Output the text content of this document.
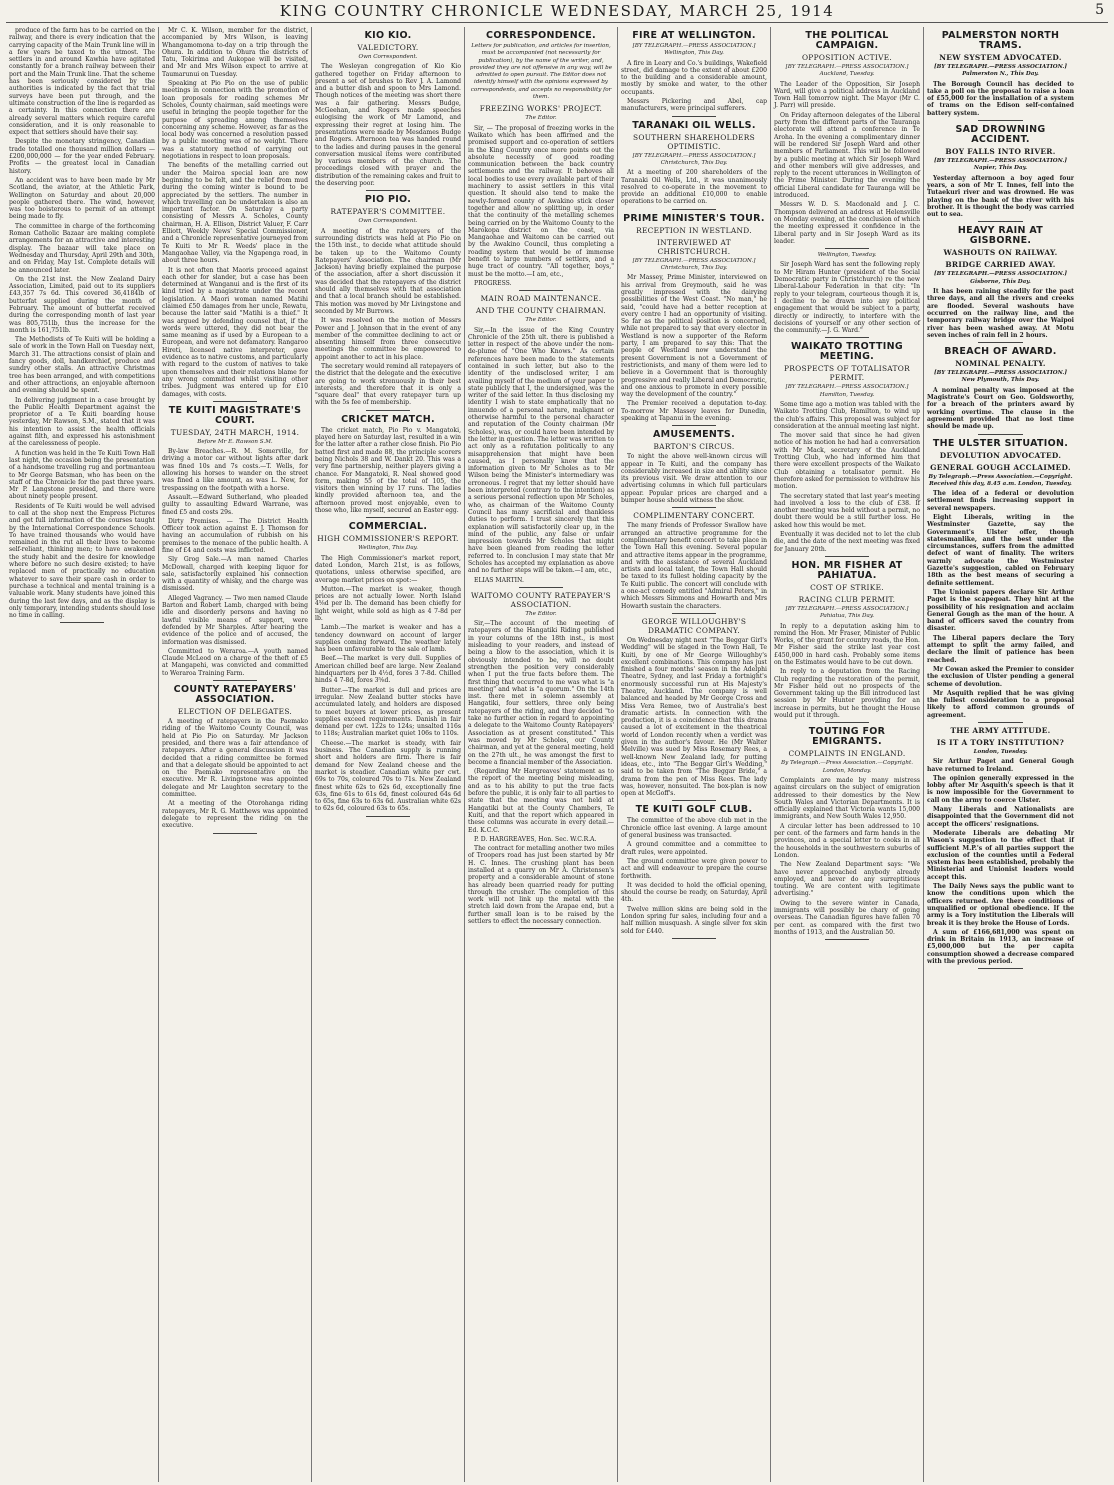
KING COUNTRY CHRONICLE WEDNESDAY, MARCH 25, 1914	5

produce of the farm has to be carried on the railway, and there is every indication that the carrying capacity of the Main Trunk line will in a few years be taxed to the utmost. The settlers in and around Kawhia have agitated constantly for a branch railway between their port and the Main Trunk line. That the scheme has been seriously considered by the authorities is indicated by the fact that trial surveys have been put through, and the ultimate construction of the line is regarded as a certainty. In this connection there are already several matters which require careful consideration, and it is only reasonable to expect that settlers should have their say.

Despite the monetary stringency, Canadian trade totalled one thousand million dollars — £200,000,000 — for the year ended February. Profits — the greatest local in Canadian history.

An accident was to have been made by Mr Scotland, the aviator, at the Athletic Park, Wellington on Saturday and about 20,000 people gathered there. The wind, however, was too boisterous to permit of an attempt being made to fly.

The committee in charge of the forthcoming Roman Catholic Bazaar are making complete arrangements for an attractive and interesting display. The bazaar will take place on Wednesday and Thursday, April 29th and 30th, and on Friday, May 1st. Complete details will be announced later.

On the 21st inst. the New Zealand Dairy Association, Limited, paid out to its suppliers £43,357 7s 6d. This covered 36,4184lb of butterfat supplied during the month of February. The amount of butterfat received during the corresponding month of last year was 805,751lb, thus the increase for the month is 161,751lb.

The Methodists of Te Kuiti will be holding a sale of work in the Town Hall on Tuesday next, March 31. The attractions consist of plain and fancy goods, doll, handkerchief, produce and sundry other stalls. An attractive Christmas tree has been arranged, and with competitions and other attractions, an enjoyable afternoon and evening should be spent.

In delivering judgment in a case brought by the Public Health Department against the proprietor of a Te Kuiti boarding house yesterday, Mr Rawson, S.M., stated that it was his intention to assist the health officials against filth, and expressed his astonishment at the carelessness of people.

A function was held in the Te Kuiti Town Hall last night, the occasion being the presentation of a handsome travelling rug and portmanteau to Mr George Batsman, who has been on the staff of the Chronicle for the past three years. Mr P. Langstone presided, and there were about ninety people present.

Residents of Te Kuiti would be well advised to call at the shop next the Empress Pictures and get full information of the courses taught by the International Correspondence Schools. To have trained thousands who would have remained in the rut all their lives to become self-reliant, thinking men; to have awakened the study habit and the desire for knowledge where before no such desire existed; to have replaced men of practically no education whatever to save their spare cash in order to purchase a technical and mental training is a valuable work. Many students have joined this during the last few days, and as the display is only temporary, intending students should lose no time in calling.

Mr C. K. Wilson, member for the district, accompanied by Mrs Wilson, is leaving Whangamomona to-day on a trip through the Ohura. In addition to Ohura the districts of Tatu, Tokirima and Aukopae will be visited, and Mr and Mrs Wilson expect to arrive at Taumarunui on Tuesday.

Speaking at Pio Pio on the use of public meetings in connection with the promotion of loan proposals for roading schemes Mr Scholes, County chairman, said meetings were useful in bringing the people together for the purpose of spreading among themselves concerning any scheme. However, as far as the local body was concerned a resolution passed by a public meeting was of no weight. There was a statutory method of carrying out negotiations in respect to loan proposals.

The benefits of the metalling carried out under the Mairoa special loan are now beginning to be felt, and the relief from mud during the coming winter is bound to be appreciated by the settlers. The number in which travelling can be undertaken is also an important factor. On Saturday a party consisting of Messrs A. Scholes, County chairman, H. A. Ellison, District Valuer, F. Carr Elliott, Weekly News' Special Commissioner, and a Chronicle representative journeyed from Te Kuiti to Mr R. Weeds' place in the Mangaohae Valley, via the Ngapenga road, in about three hours.

It is not often that Maoris proceed against each other for slander, but a case has been determined at Wanganui and is the first of its kind tried by a magistrate under the recent legislation. A Maori woman named Matihi claimed £50 damages from her uncle, Rewatu, because the latter said "Matihi is a thief." It was argued by defending counsel that, if the words were uttered, they did not bear the same meaning as if used by a European to a European, and were not defamatory. Rangaroo Hireti, licensed native interpreter, gave evidence as to native customs, and particularly with regard to the custom of natives to take upon themselves and their relations blame for any wrong committed whilst visiting other tribes. Judgment was entered up for £10 damages, with costs.

TE KUITI MAGISTRATE'S COURT.
TUESDAY, 24TH MARCH, 1914.
Before Mr E. Rawson S.M.

By-law Breaches.—R. M. Somerville, for driving a motor car without lights after dark was fined 10s and 7s costs.—T. Wells, for allowing his horses to wander on the street was fined a like amount, as was L. New, for trespassing on the footpath with a horse.

Assault.—Edward Sutherland, who pleaded guilty to assaulting Edward Warrane, was fined £5 and costs 29s.

Dirty Premises. — The District Health Officer took action against E. J. Thomson for having an accumulation of rubbish on his premises to the menace of the public health. A fine of £4 and costs was inflicted.

Sly Grog Sale.—A man named Charles McDowall, charged with keeping liquor for sale, satisfactorily explained his connection with a quantity of whisky, and the charge was dismissed.

Alleged Vagrancy. — Two men named Claude Barton and Robert Lamb, charged with being idle and disorderly persons and having no lawful visible means of support, were defended by Mr Sharples. After hearing the evidence of the police and of accused, the information was dismissed.

Committed to Weraroa.—A youth named Claude McLeod on a charge of the theft of £5 at Mangapehi, was convicted and committed to Weraroa Training Farm.

COUNTY RATEPAYERS' ASSOCIATION.
ELECTION OF DELEGATES.

A meeting of ratepayers in the Paemako riding of the Waitomo County Council, was held at Pio Pio on Saturday. Mr Jackson presided, and there was a fair attendance of ratepayers. After a general discussion it was decided that a riding committee be formed and that a delegate should be appointed to act on the Paemako representative on the executive. Mr R. Livingstone was appointed delegate and Mr Laughton secretary to the committee.

At a meeting of the Otorohanga riding ratepayers, Mr R. G. Matthews was appointed delegate to represent the riding on the executive.

KIO KIO.
VALEDICTORY.
Own Correspondent.

The Wesleyan congregation of Kio Kio gathered together on Friday afternoon to present a set of brushes to Rev J. A. Lamond and a butter dish and spoon to Mrs Lamond. Though notices of the meeting was short there was a fair gathering. Messrs Budge, McGeehan, and Rogers made speeches eulogising the work of Mr Lamond, and expressing their regret at losing him. The presentations were made by Mesdames Budge and Rogers. Afternoon tea was handed round to the ladies and during pauses in the general conversation musical items were contributed by various members of the church. The proceedings closed with prayer and the distribution of the remaining cakes and fruit to the deserving poor.

PIO PIO.
RATEPAYER'S COMMITTEE.
Own Correspondent.

A meeting of the ratepayers of the surrounding districts was held at Pio Pio on the 15th inst., to decide what attitude should be taken up to the Waitomo County Ratepayers' Association. The chairman (Mr Jackson) having briefly explained the purpose of the association, after a short discussion it was decided that the ratepayers of the district should ally themselves with that association and that a local branch should be established. This motion was moved by Mr Livingstone and seconded by Mr Burrows.

It was resolved on the motion of Messrs Power and J. Johnson that in the event of any member of the committee declining to act or absenting himself from three consecutive meetings the committee be empowered to appoint another to act in his place.

The secretary would remind all ratepayers of the district that the delegate and the executive are going to work strenuously in their best interests, and therefore that it is only a "square deal" that every ratepayer turn up with the 5s fee of membership.

CRICKET MATCH.

The cricket match, Pio Pio v. Mangatoki, played here on Saturday last, resulted in a win for the latter after a rather close finish. Pio Pio batted first and made 88, the principle scorers being Nichols 38 and W. Dankt 20. This was a very fine partnership, neither players giving a chance. For Mangatoki, R. Neal showed good form, making 55 of the total of 105, the visitors then winning by 17 runs. The ladies kindly provided afternoon tea, and the afternoon proved most enjoyable, even to those who, like myself, secured an Easter egg.

COMMERCIAL.
HIGH COMMISSIONER'S REPORT.
Wellington, This Day.

The High Commissioner's market report, dated London, March 21st, is as follows, quotations, unless otherwise specified, are average market prices on spot:—

Mutton.—The market is weaker, though prices are not actually lower. North Island 4⅝d per lb. The demand has been chiefly for light weight, while sold as high as 4 7-8d per lb.

Lamb.—The market is weaker and has a tendency downward on account of larger supplies coming forward. The weather lately has been unfavourable to the sale of lamb.

Beef.—The market is very dull. Supplies of American chilled beef are large. New Zealand hindquarters per lb 4½d, fores 3 7-8d. Chilled hinds 4 7-8d, fores 3⅝d.

Butter.—The market is dull and prices are irregular. New Zealand butter stocks have accumulated lately, and holders are disposed to meet buyers at lower prices, as present supplies exceed requirements. Danish in fair demand per cwt. 122s to 124s; unsalted 116s to 118s; Australian market quiet 106s to 110s.

Cheese.—The market is steady, with fair business. The Canadian supply is running short and holders are firm. There is fair demand for New Zealand cheese and the market is steadier. Canadian white per cwt. 69s to 70s, coloured 70s to 71s. New Zealand finest white 62s to 62s 6d, exceptionally fine 63s, fine 61s to 61s 6d, finest coloured 64s 6d to 65s, fine 63s to 63s 6d. Australian white 62s to 62s 6d, coloured 63s to 65s.

CORRESPONDENCE.
Letters for publication, and articles for insertion, must be accompanied (not necessarily for publication), by the name of the writer, and, provided they are not offensive in any way, will be admitted to open pursuit. The Editor does not identify himself with the opinions expressed by correspondents, and accepts no responsibility for them.
FREEZING WORKS' PROJECT.
The Editor.

Sir, — The proposal of freezing works in the Waikato which has been affirmed and the promised support and co-operation of settlers in the King Country once more points out the absolute necessity of good roading communication between the back country settlements and the railway. It behoves all local bodies to use every available part of their machinery to assist settlers in this vital question. It should also tend to make the newly-formed county of Awakino stick closer together and allow no splitting up, in order that the continuity of the metalling schemes being carried on by the Waitomo County to the Marokopa district on the coast, via Mangaohae and Waitomo can be carried out by the Awakino Council, thus completing a roading system that would be of immense benefit to large numbers of settlers, and a huge tract of country. "All together, boys," must be the motto.—I am, etc.,

PROGRESS.

MAIN ROAD MAINTENANCE.
AND THE COUNTY CHAIRMAN.
The Editor.

Sir,—In the issue of the King Country Chronicle of the 25th ult. there is published a letter in respect of the above under the nom-de-plume of "One Who Knows." As certain references have been made to the statements contained in such letter, but also to the identity of the undisclosed writer, I am availing myself of the medium of your paper to state publicly that I, the undersigned, was the writer of the said letter. In thus disclosing my identity I wish to state emphatically that no innuendo of a personal nature, malignant or otherwise harmful to the personal character and reputation of the County chairman (Mr Scholes), was, or could have been intended by the letter in question. The letter was written to act only as a refutation politically to any misapprehension that might have been caused, as I personally knew that the information given to Mr Scholes as to Mr Wilson being the Minister's intermediary was erroneous. I regret that my letter should have been interpreted (contrary to the intention) as a serious personal reflection upon Mr Scholes, who, as chairman of the Waitomo County Council has many sacrificial and thankless duties to perform. I trust sincerely that this explanation will satisfactorily clear up, in the mind of the public, any false or unfair impression towards Mr Scholes that might have been gleaned from reading the letter referred to. In conclusion I may state that Mr Scholes has accepted my explanation as above and no further steps will be taken.—I am, etc.,

ELIAS MARTIN.

WAITOMO COUNTY RATEPAYER'S ASSOCIATION.
The Editor.

Sir,—The account of the meeting of ratepayers of the Hangatiki Riding published in your columns of the 18th inst., is most misleading to your readers, and instead of being a blow to the association, which it is obviously intended to be, will no doubt strengthen the position very considerably when I put the true facts before them. The first thing that occurred to me was what is "a meeting" and what is "a quorum." On the 14th inst. there met in solemn assembly at Hangatiki, four settlers, three only being ratepayers of the riding, and they decided "to take no further action in regard to appointing a delegate to the Waitomo County Ratepayers' Association as at present constituted." This was moved by Mr Scholes, our County chairman, and yet at the general meeting, held on the 27th ult., he was amongst the first to become a financial member of the Association.

(Regarding Mr Hargreaves' statement as to the report of the meeting being misleading, and as to his ability to put the true facts before the public, it is only fair to all parties to state that the meeting was not held at Hangatiki but at the County Chambers, Te Kuiti, and that the report which appeared in these columns was accurate in every detail.—Ed. K.C.C.

P. D. HARGREAVES, Hon. Sec. W.C.R.A.

The contract for metalling another two miles of Troopers road has just been started by Mr H. C. Innes. The crushing plant has been installed at a quarry on Mr A. Christensen's property and a considerable amount of stone has already been quarried ready for putting through the crusher. The completion of this work will not link up the metal with the stretch laid down from the Arapae end, but a further small loan is to be raised by the settlers to effect the necessary connection.

FIRE AT WELLINGTON.
[BY TELEGRAPH.—PRESS ASSOCIATION.] Wellington, This Day.

A fire in Leary and Co.'s buildings, Wakefield street, did damage to the extent of about £200 to the building and a considerable amount, mostly by smoke and water, to the other occupants.

Messrs Pickering and Abel, cap manufacturers, were principal sufferers.

TARANAKI OIL WELLS.
SOUTHERN SHAREHOLDERS OPTIMISTIC.
[BY TELEGRAPH.—PRESS ASSOCIATION.] Christchurch, This Day.

At a meeting of 200 shareholders of the Taranaki Oil Wells, Ltd., it was unanimously resolved to co-operate in the movement to provide an additional £10,000 to enable operations to be carried on.

PRIME MINISTER'S TOUR.
RECEPTION IN WESTLAND.
INTERVIEWED AT CHRISTCHURCH.
[BY TELEGRAPH.—PRESS ASSOCIATION.] Christchurch, This Day.

Mr Massey, Prime Minister, interviewed on his arrival from Greymouth, said he was greatly impressed with the dairying possibilities of the West Coast. "No man," he said, "could have had a better reception at every centre I had an opportunity of visiting. So far as the political position is concerned, while not prepared to say that every elector in Westland is now a supporter of the Reform party, I am prepared to say this: That the people of Westland now understand the present Government is not a Government of restrictionists, and many of them were led to believe in a Government that is thoroughly progressive and really Liberal and Democratic, and one anxious to promote in every possible way the development of the country."

The Premier received a deputation to-day. To-morrow Mr Massey leaves for Dunedin, speaking at Tapanui in the evening.

AMUSEMENTS.
BARTON'S CIRCUS.

To night the above well-known circus will appear in Te Kuiti, and the company has considerably increased in size and ability since its previous visit. We draw attention to our advertising columns in which full particulars appear. Popular prices are charged and a bumper house should witness the show.

COMPLIMENTARY CONCERT.

The many friends of Professor Swallow have arranged an attractive programme for the complimentary benefit concert to take place in the Town Hall this evening. Several popular and attractive items appear in the programme, and with the assistance of several Auckland artists and local talent, the Town Hall should be taxed to its fullest holding capacity by the Te Kuiti public. The concert will conclude with a one-act comedy entitled "Admiral Peters," in which Messrs Simmons and Howarth and Mrs Howarth sustain the characters.

GEORGE WILLOUGHBY'S DRAMATIC COMPANY.

On Wednesday night next "The Beggar Girl's Wedding" will be staged in the Town Hall, Te Kuiti, by one of Mr George Willoughby's excellent combinations. This company has just finished a four months' season in the Adelphi Theatre, Sydney, and last Friday a fortnight's enormously successful run at His Majesty's Theatre, Auckland. The company is well balanced and headed by Mr George Cross and Miss Vera Remee, two of Australia's best dramatic artists. In connection with the production, it is a coincidence that this drama caused a lot of excitement in the theatrical world of London recently when a verdict was given in the author's favour. He (Mr Walter Melville) was sued by Miss Rosemary Rees, a well-known New Zealand lady, for putting ideas, etc., into "The Beggar Girl's Wedding," said to be taken from "The Beggar Bride," a drama from the pen of Miss Rees. The lady was, however, nonsuited. The box-plan is now open at McGoff's.

TE KUITI GOLF CLUB.

The committee of the above club met in the Chronicle office last evening. A large amount of general business was transacted.

A ground committee and a committee to draft rules, were appointed.

The ground committee were given power to act and will endeavour to prepare the course forthwith.

It was decided to hold the official opening, should the course be ready, on Saturday, April 4th.

Twelve million skins are being sold in the London spring fur sales, including four and a half million musquash. A single silver fox skin sold for £440.

THE POLITICAL CAMPAIGN.
OPPOSITION ACTIVE.
[BY TELEGRAPH.—PRESS ASSOCIATION.] Auckland, Tuesday.

The Leader of the Opposition, Sir Joseph Ward, will give a political address in Auckland Town Hall tomorrow night. The Mayor (Mr C. J. Parr) will preside.

On Friday afternoon delegates of the Liberal party from the different parts of the Tauranga electorate will attend a conference in Te Aroha. In the evening a complimentary dinner will be rendered Sir Joseph Ward and other members of Parliament. This will be followed by a public meeting at which Sir Joseph Ward and other members will give addresses, and reply to the recent utterances in Wellington of the Prime Minister. During the evening the official Liberal candidate for Tauranga will be introduced.

Messrs W. D. S. Macdonald and J. C. Thompson delivered an address at Helensville on Monday evening, at the conclusion of which the meeting expressed it confidence in the Liberal party and in Sir Joseph Ward as its leader.

Wellington, Tuesday.

Sir Joseph Ward has sent the following reply to Mr Hiram Hunter (president of the Social Democratic party in Christchurch) re the new Liberal-Labour Federation in that city: "In reply to your telegram, courteous though it is, I decline to be drawn into any political engagement that would be subject to a party, directly or indirectly, to interfere with the decisions of yourself or any other section of the community.—J. G. Ward."

WAIKATO TROTTING MEETING.
PROSPECTS OF TOTALISATOR PERMIT.
[BY TELEGRAPH.—PRESS ASSOCIATION.] Hamilton, Tuesday.

Some time ago a motion was tabled with the Waikato Trotting Club, Hamilton, to wind up the club's affairs. This proposal was subject for consideration at the annual meeting last night.

The mover said that since he had given notice of his motion he had had a conversation with Mr Mack, secretary of the Auckland Trotting Club, who had informed him that there were excellent prospects of the Waikato Club obtaining a totalisator permit. He therefore asked for permission to withdraw his motion.

The secretary stated that last year's meeting had involved a loss to the club of £38. If another meeting was held without a permit, no doubt there would be a still further loss. He asked how this would be met.

Eventually it was decided not to let the club die, and the date of the next meeting was fixed for January 20th.

HON. MR FISHER AT PAHIATUA.
COST OF STRIKE.
RACING CLUB PERMIT.
[BY TELEGRAPH.—PRESS ASSOCIATION.] Pahiatua, This Day.

In reply to a deputation asking him to remind the Hon. Mr Fraser, Minister of Public Works, of the grant for country roads, the Hon. Mr Fisher said the strike last year cost £450,000 in hard cash. Probably some items on the Estimates would have to be cut down.

In reply to a deputation from the Racing Club regarding the restoration of the permit, Mr Fisher held out no prospects of the Government taking up the Bill introduced last session by Mr Hunter providing for an increase in permits, but he thought the House would put it through.

TOUTING FOR EMIGRANTS.
COMPLAINTS IN ENGLAND.
By Telegraph.—Press Association.—Copyright. London, Monday.

Complaints are made by many mistress against circulars on the subject of emigration addressed to their domestics by the New South Wales and Victorian Departments. It is officially explained that Victoria wants 15,000 immigrants, and New South Wales 12,950.

A circular letter has been addressed to 10 per cent. of the farmers and farm hands in the provinces, and a special letter to cooks in all the households in the southwestern suburbs of London.

The New Zealand Department says: "We have never approached anybody already employed, and never do any surreptitious touting. We are content with legitimate advertising."

Owing to the severe winter in Canada, immigrants will possibly be chary of going overseas. The Canadian figures have fallen 70 per cent. as compared with the first two months of 1913, and the Australian 50.

PALMERSTON NORTH TRAMS.
NEW SYSTEM ADVOCATED.
[BY TELEGRAPH.—PRESS ASSOCIATION.] Palmerston N., This Day.

The Borough Council has decided to take a poll on the proposal to raise a loan of £55,000 for the installation of a system of trams on the Edison self-contained battery system.

SAD DROWNING ACCIDENT.
BOY FALLS INTO RIVER.
[BY TELEGRAPH.—PRESS ASSOCIATION.] Napier, This Day.

Yesterday afternoon a boy aged four years, a son of Mr T. Innes, fell into the Tutaekuri river and was drowned. He was playing on the bank of the river with his brother. It is thought the body was carried out to sea.

HEAVY RAIN AT GISBORNE.
WASHOUTS ON RAILWAY.
BRIDGE CARRIED AWAY.
[BY TELEGRAPH.—PRESS ASSOCIATION.] Gisborne, This Day.

It has been raining steadily for the past three days, and all the rivers and creeks are flooded. Several washouts have occurred on the railway line, and the temporary railway bridge over the Waipoi river has been washed away. At Motu seven inches of rain fell in 2 hours.

BREACH OF AWARD.
NOMINAL PENALTY.
[BY TELEGRAPH.—PRESS ASSOCIATION.] New Plymouth, This Day.

A nominal penalty was imposed at the Magistrate's Court on Geo. Goldsworthy, for a breach of the printers award by working overtime. The clause in the agreement provided that no lost time should be made up.

THE ULSTER SITUATION.
DEVOLUTION ADVOCATED.
GENERAL GOUGH ACCLAIMED.
By Telegraph.—Press Association.—Copyright. Received this day, 8.45 a.m. London, Tuesday.

The idea of a federal or devolution settlement finds increasing support in several newspapers.

Eight Liberals, writing in the Westminster Gazette, say the Government's Ulster offer, though statesmanlike, and the best under the circumstances, suffers from the admitted defect of want of finality. The writers warmly advocate the Westminster Gazette's suggestion, cabled on February 18th as the best means of securing a definite settlement.

The Unionist papers declare Sir Arthur Paget is the scapegoat. They hint at the possibility of his resignation and acclaim General Gough as the man of the hour. A band of officers saved the country from disaster.

The Liberal papers declare the Tory attempt to split the army failed, and declare the limit of patience has been reached.

Mr Cowan asked the Premier to consider the exclusion of Ulster pending a general scheme of devolution.

Mr Asquith replied that he was giving the fullest consideration to a proposal likely to afford common grounds of agreement.

THE ARMY ATTITUDE.
IS IT A TORY INSTITUTION?
London, Tuesday.

Sir Arthur Paget and General Gough have returned to Ireland.

The opinion generally expressed in the lobby after Mr Asquith's speech is that it is now impossible for the Government to call on the army to coerce Ulster.

Many Liberals and Nationalists are disappointed that the Government did not accept the officers' resignations.

Moderate Liberals are debating Mr Wason's suggestion to the effect that if sufficient M.P.'s of all parties support the exclusion of the counties until a Federal system has been established, probably the Ministerial and Unionist leaders would accept this.

The Daily News says the public want to know the conditions upon which the officers returned. Are there conditions of unqualified or optional obedience. If the army is a Tory institution the Liberals will break it is they broke the House of Lords.

A sum of £166,681,000 was spent on drink in Britain in 1913, an increase of £5,000,000 but the per capita consumption showed a decrease compared with the previous period.
